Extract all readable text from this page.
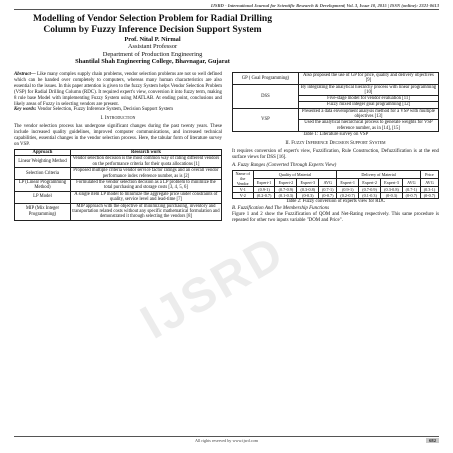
IJSRD - International Journal for Scientific Research & Development| Vol. 3, Issue 10, 2015 | ISSN (online): 2321-0613
Modelling of Vendor Selection Problem for Radial Drilling Column by Fuzzy Inference Decision Support System
Prof. Nital P. Nirmal
Assistant Professor
Department of Production Engineering
Shantilal Shah Engineering College, Bhavnagar, Gujarat
Abstract— Like many complex supply chain problems, vendor selection problems are not so well defined which can be handed over completely to computers, whereas many human characteristics are also essential to the issues. In this paper attention is given to the fuzzy System helps Vendor Selection Problem (VSP) for Radial Drilling Column (RDC). It required expert's view, conversion it into fuzzy term, making 8 rule base Model with implementing Fuzzy System using MATLAB. At ending point, conclusions and likely areas of Fuzzy in selecting vendors are present.
Key words: Vendor Selection, Fuzzy Inference System, Decision Support System
I. Introduction
The vendor selection process has undergone significant changes during the past twenty years. These include increased quality guidelines, improved computer communications, and increased technical capabilities, essential changes in the vendor selection process. Here, the tabular form of literature survey on VSP.
Approach	Research work
Linear Weighting Method	Vendor selection decision is the most common way of rating different vendors on the performance criteria for their quota allocations [1]
Selection Criteria	Proposed multiple criteria vendor service factor ratings and an overall vendor performance index reference number, as is [2]
LP (Linear Programming Method)	Formulated the vendor selection decision as a LP problem to minimize the total purchasing and storage costs [3, 4, 5, 6]
LP Model	A single item LP model to minimize the aggregate price under constraints of quality, service level and lead-time [7]
MIP (Mix Integer Programming)	MIP approach with the objective of minimizing purchasing, inventory and transportation related costs without any specific mathematical formulation and demonstrated it through selecting the vendors [8]
GP ( Goal Programming)	Also proposed the use of GP for price, quality and delivery objectives [9]
DSS	By integrating the analytical hierarchy process with linear programming [10]
	Five-stage model for vendor evaluation [11]
	Fuzzy mixed integer goal programming [12]
VSP	Presented a data envelopment analysis method for a VSP with multiple objectives [13]
	Used the analytical hierarchical process to generate weights for VSP reference number, as in [14], [15]
Table 1: Literature survey on VSP
II. Fuzzy Inference Decision Support System
It requires conversion of expert's view, Fuzzification, Rule Construction, Defuzzification is at the end surface views for DSS [16].
A. Fuzzy Ranges (Converted Through Experts View)
Name of the Vendor	Quality of Material				Delivery of Material				Price
	Expert-1	Expert-2	Expert-3	AVG	Expert-1	Expert-2	Expert-3	AVG	AVG
V-1	(0.9-1)	(0.7-0.9)	(0.3-0.8)	(0.7-1)	(0.9-1)	(0.7-0.9)	(0.3-0.8)	(0.7-1)	(0.3-1)
V-2	(0.2-0.7)	(0.1-0.3)	(0-0.3)	(0-0.7)	(0.2-0.7)	(0.1-0.3)	(0-0.3)	(0-0.7)	(0-0.7)
Table 2: Fuzzy conversion of experts view for RDC
B. Fuzzification And The Membership Functions
Figure 1 and 2 show the Fuzzification of QOM and Net-Rating respectively. This same procedure is repeated for other two inputs variable "DOM and Price".
IJSRD
All rights reserved by www.ijsrd.com	682
